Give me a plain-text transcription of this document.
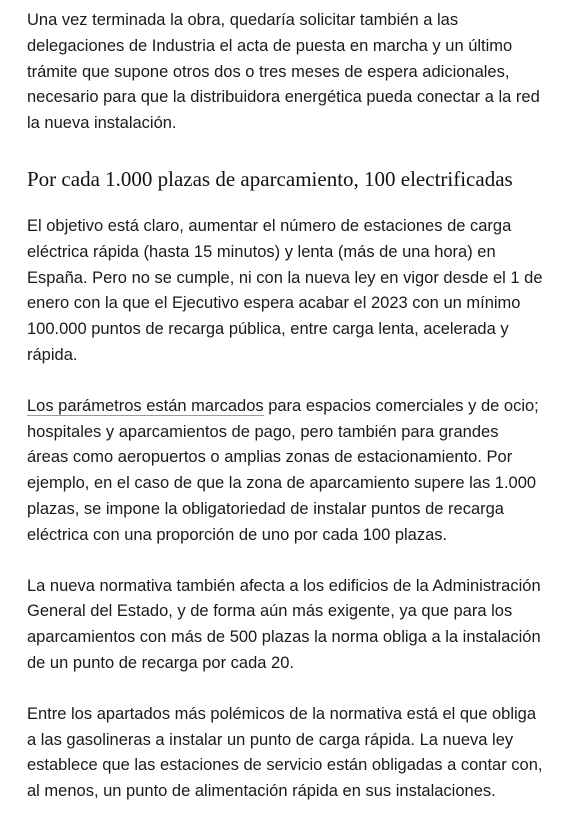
Una vez terminada la obra, quedaría solicitar también a las delegaciones de Industria el acta de puesta en marcha y un último trámite que supone otros dos o tres meses de espera adicionales, necesario para que la distribuidora energética pueda conectar a la red la nueva instalación.

Por cada 1.000 plazas de aparcamiento, 100 electrificadas

El objetivo está claro, aumentar el número de estaciones de carga eléctrica rápida (hasta 15 minutos) y lenta (más de una hora) en España. Pero no se cumple, ni con la nueva ley en vigor desde el 1 de enero con la que el Ejecutivo espera acabar el 2023 con un mínimo 100.000 puntos de recarga pública, entre carga lenta, acelerada y rápida.

Los parámetros están marcados para espacios comerciales y de ocio; hospitales y aparcamientos de pago, pero también para grandes áreas como aeropuertos o amplias zonas de estacionamiento. Por ejemplo, en el caso de que la zona de aparcamiento supere las 1.000 plazas, se impone la obligatoriedad de instalar puntos de recarga eléctrica con una proporción de uno por cada 100 plazas.

La nueva normativa también afecta a los edificios de la Administración General del Estado, y de forma aún más exigente, ya que para los aparcamientos con más de 500 plazas la norma obliga a la instalación de un punto de recarga por cada 20.

Entre los apartados más polémicos de la normativa está el que obliga a las gasolineras a instalar un punto de carga rápida. La nueva ley establece que las estaciones de servicio están obligadas a contar con, al menos, un punto de alimentación rápida en sus instalaciones.
